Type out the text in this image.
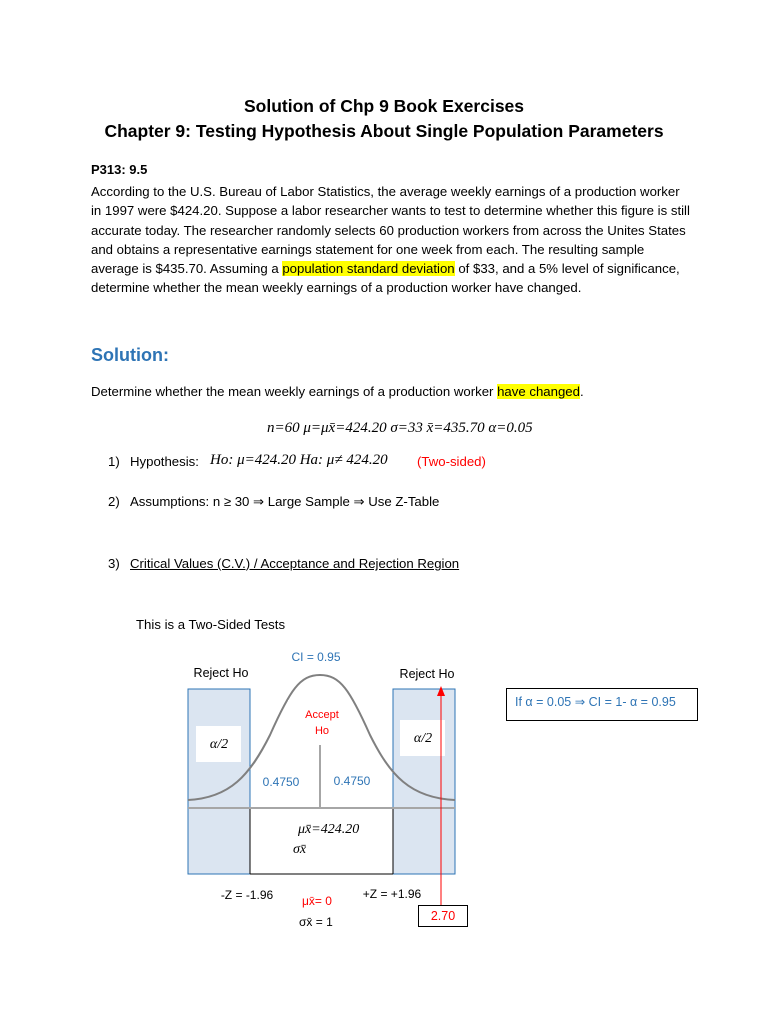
Solution of Chp 9 Book Exercises
Chapter 9: Testing Hypothesis About Single Population Parameters
P313: 9.5
According to the U.S. Bureau of Labor Statistics, the average weekly earnings of a production worker in 1997 were $424.20. Suppose a labor researcher wants to test to determine whether this figure is still accurate today. The researcher randomly selects 60 production workers from across the Unites States and obtains a representative earnings statement for one week from each. The resulting sample average is $435.70. Assuming a population standard deviation of $33, and a 5% level of significance, determine whether the mean weekly earnings of a production worker have changed.
Solution:
Determine whether the mean weekly earnings of a production worker have changed.
n=60 μ=μx̄=424.20 σ=33 x̄=435.70 α=0.05
1) Hypothesis: Ho: μ=424.20 Ha: μ≠ 424.20 (Two-sided)
2) Assumptions: n ≥ 30 ⇒ Large Sample ⇒ Use Z-Table
3) Critical Values (C.V.) / Acceptance and Rejection Region
This is a Two-Sided Tests
CI = 0.95
Reject Ho	Reject Ho
Accept
Ho
α/2	α/2
0.4750	0.4750
μx̄=424.20
σx̄
-Z = -1.96	+Z = +1.96
μx̄= 0
σx̄ = 1
If α = 0.05 ⇒ CI = 1- α = 0.95
2.70
